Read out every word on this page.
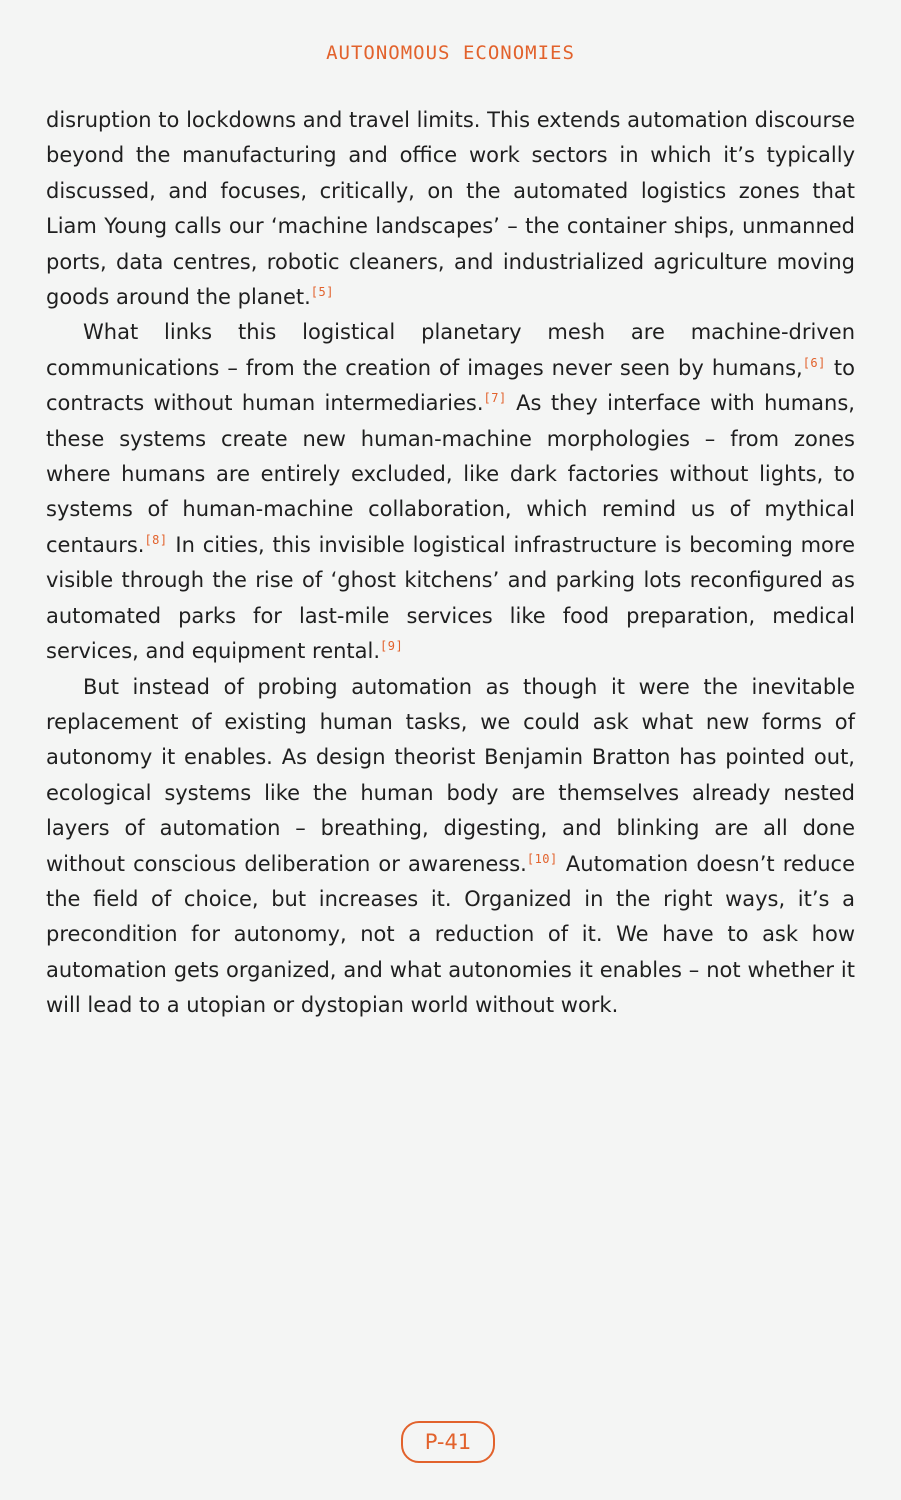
AUTONOMOUS ECONOMIES

disruption to lockdowns and travel limits. This extends automation discourse beyond the manufacturing and office work sectors in which it’s typically discussed, and focuses, critically, on the automated logistics zones that Liam Young calls our ‘machine landscapes’ – the container ships, unmanned ports, data centres, robotic cleaners, and industrialized agriculture moving goods around the planet.[5]

What links this logistical planetary mesh are machine-driven communications – from the creation of images never seen by humans,[6] to contracts without human intermediaries.[7] As they interface with humans, these systems create new human-machine morphologies – from zones where humans are entirely excluded, like dark factories without lights, to systems of human-machine collaboration, which remind us of mythical centaurs.[8] In cities, this invisible logistical infrastructure is becoming more visible through the rise of ‘ghost kitchens’ and parking lots reconfigured as automated parks for last-mile services like food preparation, medical services, and equipment rental.[9]

But instead of probing automation as though it were the inevitable replacement of existing human tasks, we could ask what new forms of autonomy it enables. As design theorist Benjamin Bratton has pointed out, ecological systems like the human body are themselves already nested layers of automation – breathing, digesting, and blinking are all done without conscious deliberation or awareness.[10] Automation doesn’t reduce the field of choice, but increases it. Organized in the right ways, it’s a precondition for autonomy, not a reduction of it. We have to ask how automation gets organized, and what autonomies it enables – not whether it will lead to a utopian or dystopian world without work.

P-41
